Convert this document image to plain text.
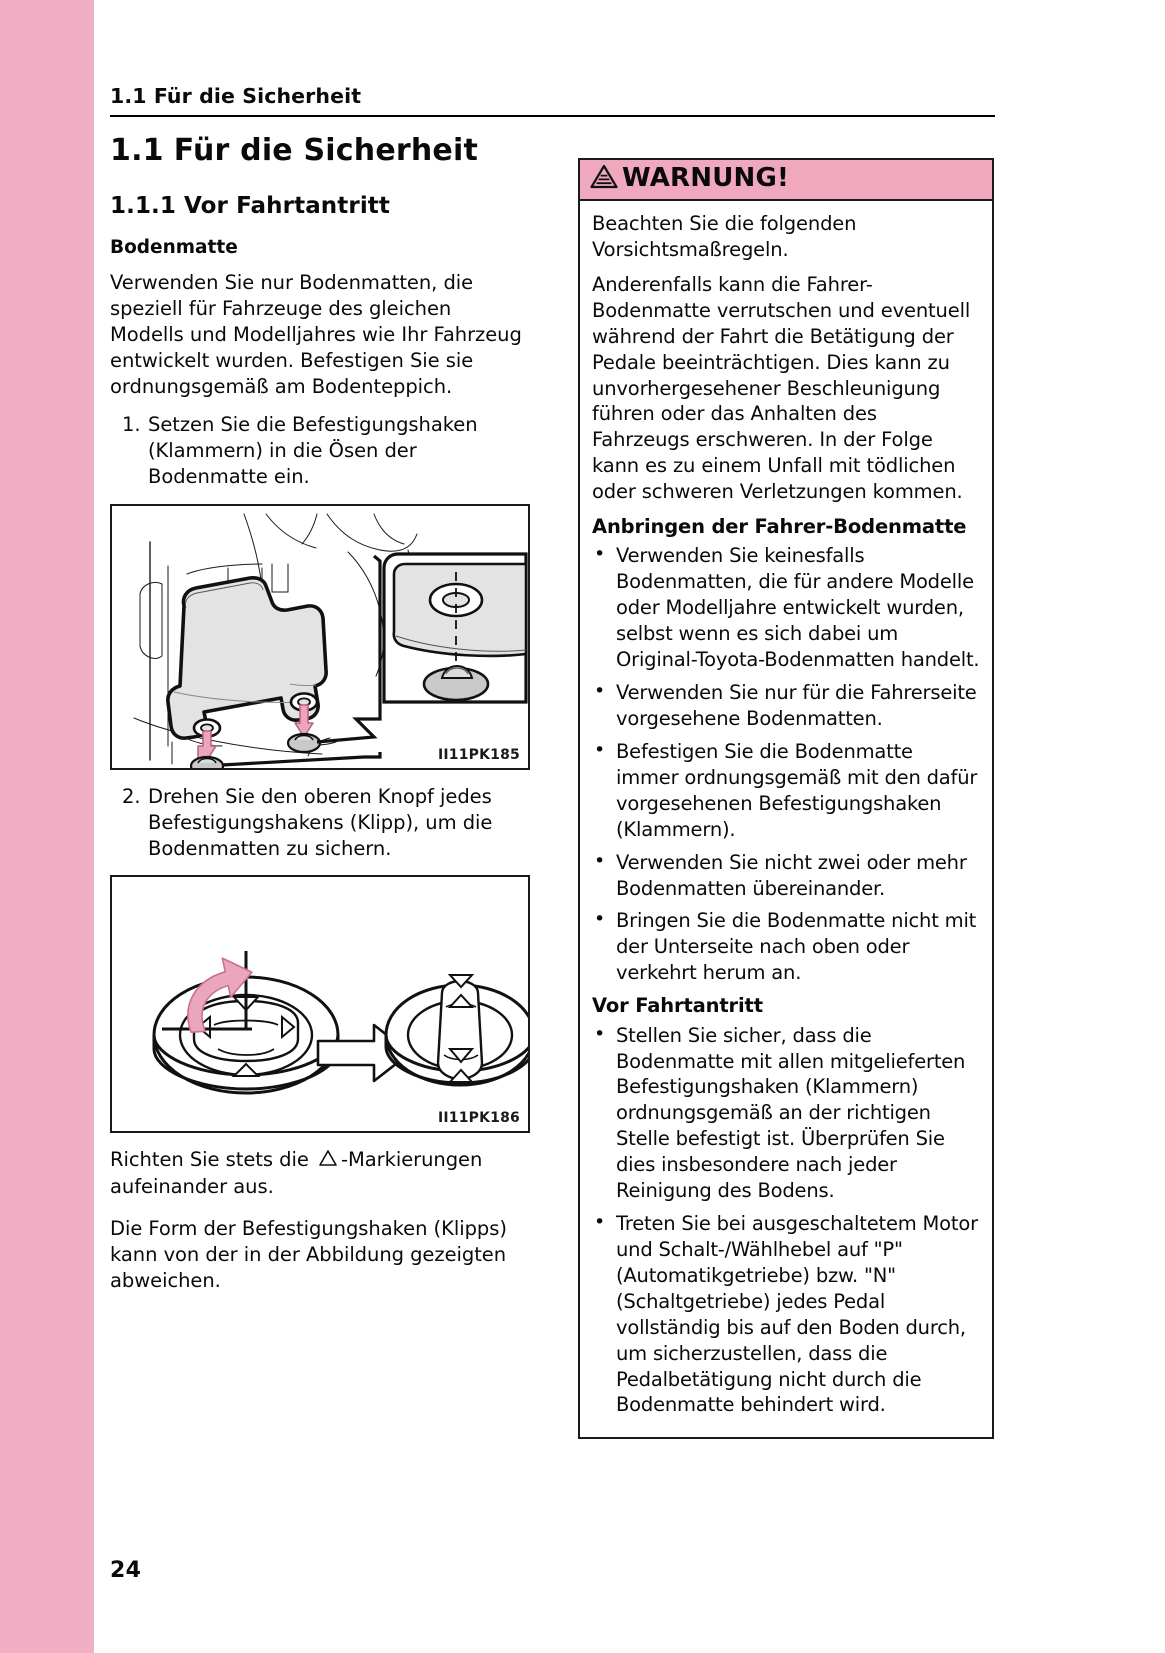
1.1 Für die Sicherheit
1.1 Für die Sicherheit
1.1.1 Vor Fahrtantritt
Bodenmatte

Verwenden Sie nur Bodenmatten, die speziell für Fahrzeuge des gleichen Modells und Modelljahres wie Ihr Fahrzeug entwickelt wurden. Befestigen Sie sie ordnungsgemäß am Bodenteppich.

1. Setzen Sie die Befestigungshaken (Klammern) in die Ösen der Bodenmatte ein.
II11PK185
2. Drehen Sie den oberen Knopf jedes Befestigungshakens (Klipp), um die Bodenmatten zu sichern.
II11PK186

Richten Sie stets die -Markierungen aufeinander aus.

Die Form der Befestigungshaken (Klipps) kann von der in der Abbildung gezeigten abweichen.

WARNUNG!

Beachten Sie die folgenden Vorsichtsmaßregeln.

Anderenfalls kann die Fahrer-Bodenmatte verrutschen und eventuell während der Fahrt die Betätigung der Pedale beeinträchtigen. Dies kann zu unvorhergesehener Beschleunigung führen oder das Anhalten des Fahrzeugs erschweren. In der Folge kann es zu einem Unfall mit tödlichen oder schweren Verletzungen kommen.

Anbringen der Fahrer-Bodenmatte
• Verwenden Sie keinesfalls Bodenmatten, die für andere Modelle oder Modelljahre entwickelt wurden, selbst wenn es sich dabei um Original-Toyota-Bodenmatten handelt.
• Verwenden Sie nur für die Fahrerseite vorgesehene Bodenmatten.
• Befestigen Sie die Bodenmatte immer ordnungsgemäß mit den dafür vorgesehenen Befestigungshaken (Klammern).
• Verwenden Sie nicht zwei oder mehr Bodenmatten übereinander.
• Bringen Sie die Bodenmatte nicht mit der Unterseite nach oben oder verkehrt herum an.
Vor Fahrtantritt
• Stellen Sie sicher, dass die Bodenmatte mit allen mitgelieferten Befestigungshaken (Klammern) ordnungsgemäß an der richtigen Stelle befestigt ist. Überprüfen Sie dies insbesondere nach jeder Reinigung des Bodens.
• Treten Sie bei ausgeschaltetem Motor und Schalt-/Wählhebel auf "P" (Automatikgetriebe) bzw. "N" (Schaltgetriebe) jedes Pedal vollständig bis auf den Boden durch, um sicherzustellen, dass die Pedalbetätigung nicht durch die Bodenmatte behindert wird.
24
